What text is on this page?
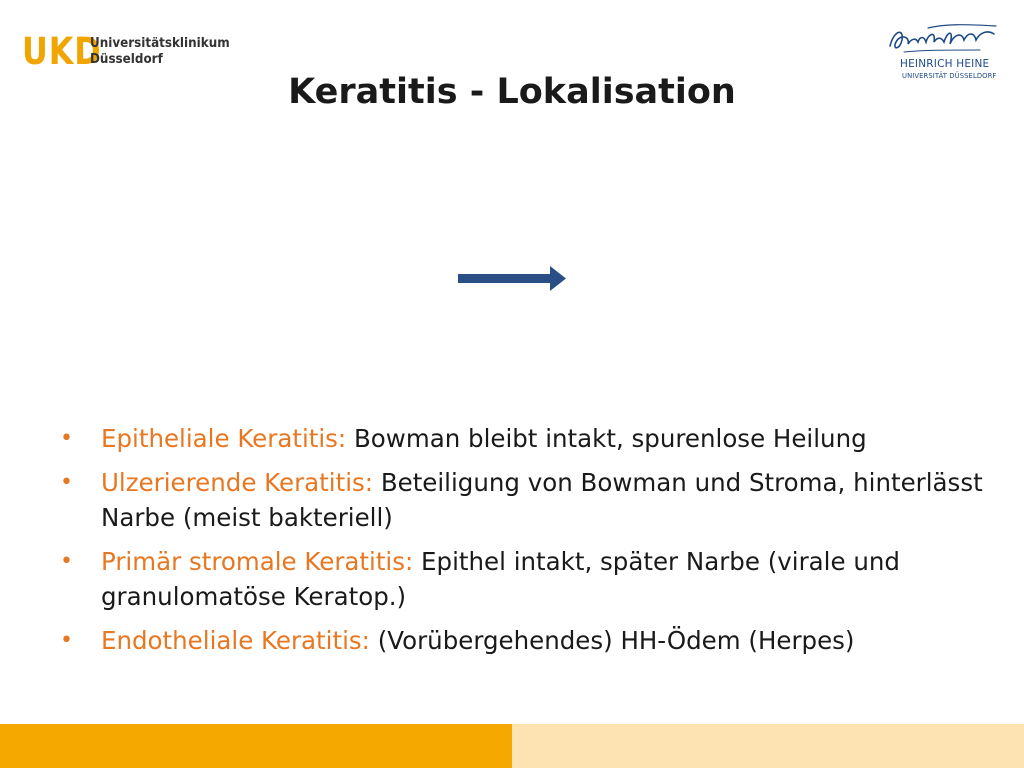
UKD
Universitätsklinikum
Düsseldorf	HEINRICH HEINE
UNIVERSITÄT DÜSSELDORF
Keratitis - Lokalisation
• Epitheliale Keratitis: Bowman bleibt intakt, spurenlose Heilung
• Ulzerierende Keratitis: Beteiligung von Bowman und Stroma, hinterlässt Narbe (meist bakteriell)
• Primär stromale Keratitis: Epithel intakt, später Narbe (virale und granulomatöse Keratop.)
• Endotheliale Keratitis: (Vorübergehendes) HH-Ödem (Herpes)
